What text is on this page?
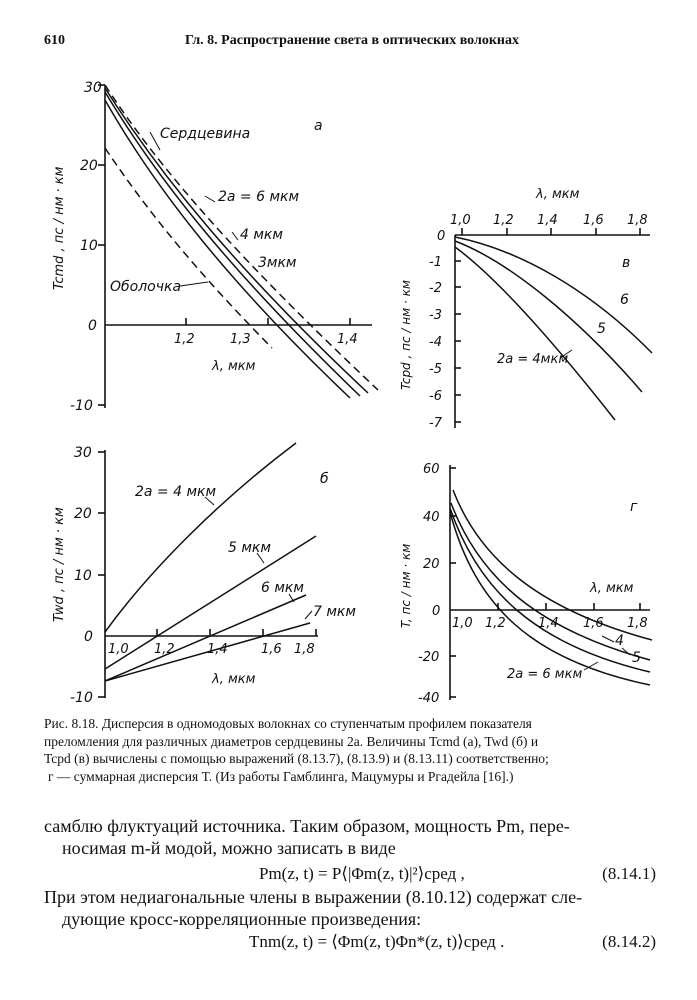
610	Гл. 8. Распространение света в оптических волокнах
а
Tcmd , пс / нм · км
30
20
10
0
-10
1,2	1,3	1,4
λ, мкм
Сердцевина
2a = 6 мкм
4 мкм
3мкм
Оболочка
в
λ, мкм
Tcpd , пс / нм · км
1,0 1,2 1,4 1,6 1,8
0
-1
-2
-3
-4
-5
-6
-7
6
5
2a = 4мкм
б
Twd , пс / нм · км
30
20
10
0
-10
1,0 1,2 1,4	1,6 1,8
λ, мкм
2a = 4 мкм
5 мкм
6 мкм
7 мкм
г
λ, мкм
T, пс / нм · км
60
40
20
0
-20
-40
1,0 1,2 1,4 1,6 1,8
4
5
2a = 6 мкм
Рис. 8.18. Дисперсия в одномодовых волокнах со ступенчатым профилем показателя
преломления для различных диаметров сердцевины 2a. Величины Tcmd (a), Twd (б) и
Tcpd (в) вычислены с помощью выражений (8.13.7), (8.13.9) и (8.13.11) соответственно;
г — суммарная дисперсия T. (Из работы Гамблинга, Мацумуры и Ргадейла [16].)
самблю флуктуаций источника. Таким образом, мощность Pm, пере-
носимая m-й модой, можно записать в виде
Pm(z, t) = P⟨|Φm(z, t)|²⟩сред ,	(8.14.1)
При этом недиагональные члены в выражении (8.10.12) содержат сле-
дующие кросс-корреляционные произведения:
Tnm(z, t) = ⟨Φm(z, t)Φn*(z, t)⟩сред .	(8.14.2)
